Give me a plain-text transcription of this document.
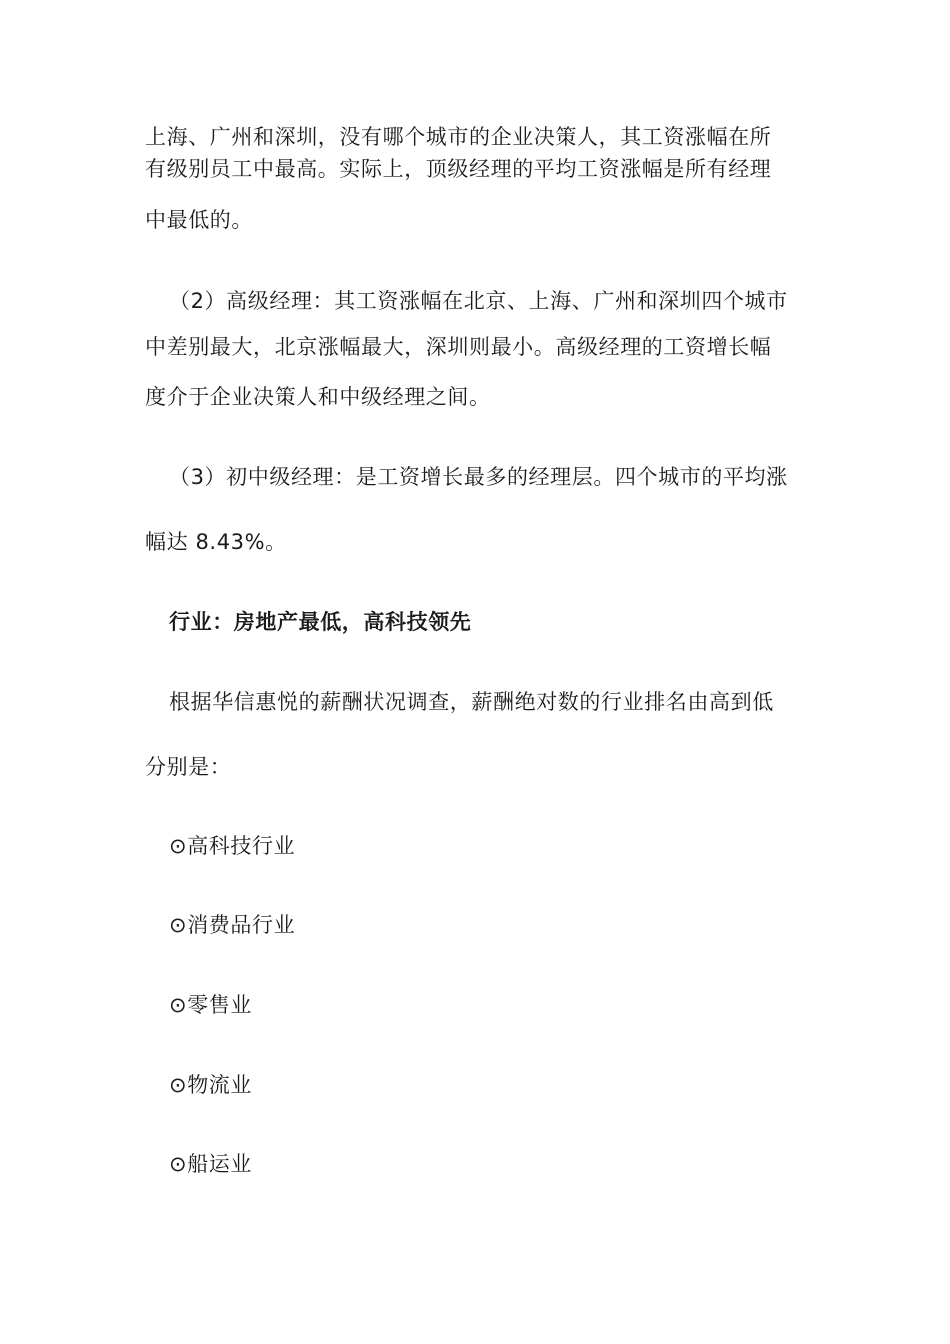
上海、广州和深圳，没有哪个城市的企业决策人，其工资涨幅在所
有级别员工中最高。实际上，顶级经理的平均工资涨幅是所有经理
中最低的。
（2）高级经理：其工资涨幅在北京、上海、广州和深圳四个城市
中差别最大，北京涨幅最大，深圳则最小。高级经理的工资增长幅
度介于企业决策人和中级经理之间。
（3）初中级经理：是工资增长最多的经理层。四个城市的平均涨
幅达 8.43%。
行业：房地产最低，高科技领先
根据华信惠悦的薪酬状况调查，薪酬绝对数的行业排名由高到低
分别是：
⊙高科技行业
⊙消费品行业
⊙零售业
⊙物流业
⊙船运业
